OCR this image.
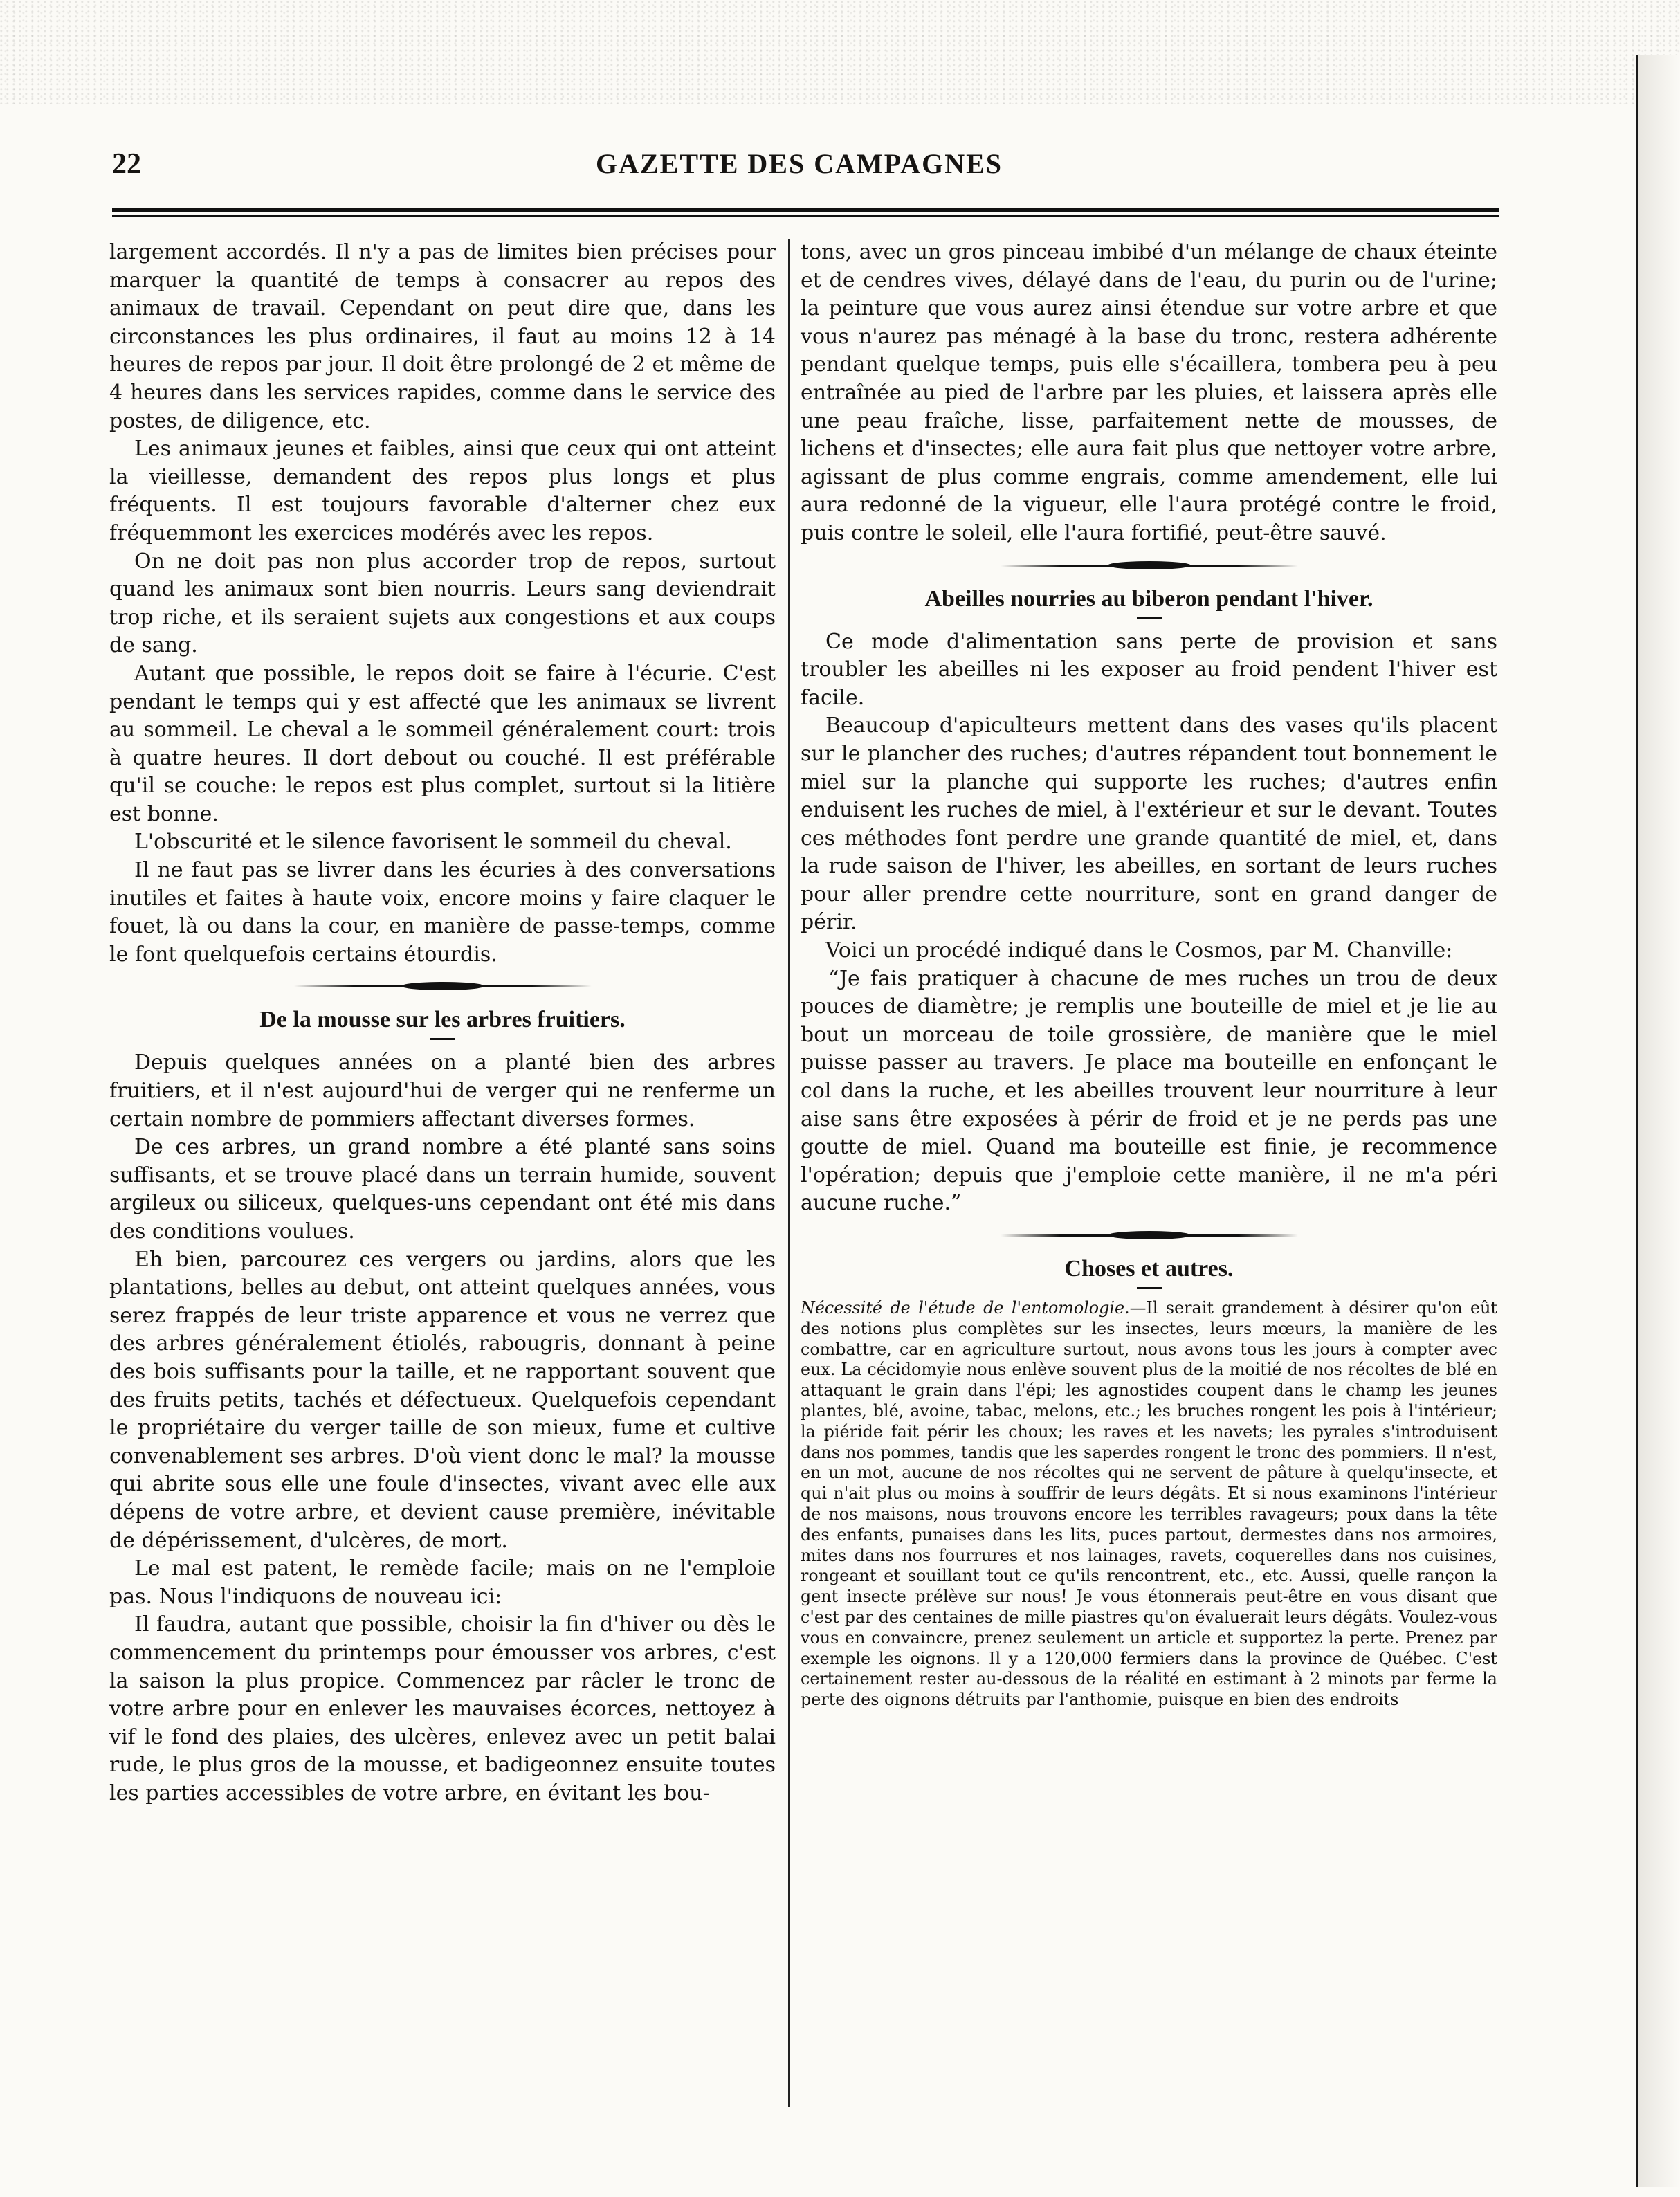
22	GAZETTE DES CAMPAGNES

largement accordés. Il n'y a pas de limites bien précises pour marquer la quantité de temps à consacrer au repos des animaux de travail. Cependant on peut dire que, dans les circonstances les plus ordinaires, il faut au moins 12 à 14 heures de repos par jour. Il doit être prolongé de 2 et même de 4 heures dans les services rapides, comme dans le service des postes, de diligence, etc.

Les animaux jeunes et faibles, ainsi que ceux qui ont atteint la vieillesse, demandent des repos plus longs et plus fréquents. Il est toujours favorable d'alterner chez eux fréquemmont les exercices modérés avec les repos.

On ne doit pas non plus accorder trop de repos, surtout quand les animaux sont bien nourris. Leurs sang deviendrait trop riche, et ils seraient sujets aux congestions et aux coups de sang.

Autant que possible, le repos doit se faire à l'écurie. C'est pendant le temps qui y est affecté que les animaux se livrent au sommeil. Le cheval a le sommeil généralement court: trois à quatre heures. Il dort debout ou couché. Il est préférable qu'il se couche: le repos est plus complet, surtout si la litière est bonne.

L'obscurité et le silence favorisent le sommeil du cheval.

Il ne faut pas se livrer dans les écuries à des conversations inutiles et faites à haute voix, encore moins y faire claquer le fouet, là ou dans la cour, en manière de passe-temps, comme le font quelquefois certains étourdis.

De la mousse sur les arbres fruitiers.

Depuis quelques années on a planté bien des arbres fruitiers, et il n'est aujourd'hui de verger qui ne renferme un certain nombre de pommiers affectant diverses formes.

De ces arbres, un grand nombre a été planté sans soins suffisants, et se trouve placé dans un terrain humide, souvent argileux ou siliceux, quelques-uns cependant ont été mis dans des conditions voulues.

Eh bien, parcourez ces vergers ou jardins, alors que les plantations, belles au debut, ont atteint quelques années, vous serez frappés de leur triste apparence et vous ne verrez que des arbres généralement étiolés, rabougris, donnant à peine des bois suffisants pour la taille, et ne rapportant souvent que des fruits petits, tachés et défectueux. Quelquefois cependant le propriétaire du verger taille de son mieux, fume et cultive convenablement ses arbres. D'où vient donc le mal? la mousse qui abrite sous elle une foule d'insectes, vivant avec elle aux dépens de votre arbre, et devient cause première, inévitable de dépérissement, d'ulcères, de mort.

Le mal est patent, le remède facile; mais on ne l'emploie pas. Nous l'indiquons de nouveau ici:

Il faudra, autant que possible, choisir la fin d'hiver ou dès le commencement du printemps pour émousser vos arbres, c'est la saison la plus propice. Commencez par râcler le tronc de votre arbre pour en enlever les mauvaises écorces, nettoyez à vif le fond des plaies, des ulcères, enlevez avec un petit balai rude, le plus gros de la mousse, et badigeonnez ensuite toutes les parties accessibles de votre arbre, en évitant les bou-

tons, avec un gros pinceau imbibé d'un mélange de chaux éteinte et de cendres vives, délayé dans de l'eau, du purin ou de l'urine; la peinture que vous aurez ainsi étendue sur votre arbre et que vous n'aurez pas ménagé à la base du tronc, restera adhérente pendant quelque temps, puis elle s'écaillera, tombera peu à peu entraînée au pied de l'arbre par les pluies, et laissera après elle une peau fraîche, lisse, parfaitement nette de mousses, de lichens et d'insectes; elle aura fait plus que nettoyer votre arbre, agissant de plus comme engrais, comme amendement, elle lui aura redonné de la vigueur, elle l'aura protégé contre le froid, puis contre le soleil, elle l'aura fortifié, peut-être sauvé.

Abeilles nourries au biberon pendant l'hiver.

Ce mode d'alimentation sans perte de provision et sans troubler les abeilles ni les exposer au froid pendent l'hiver est facile.

Beaucoup d'apiculteurs mettent dans des vases qu'ils placent sur le plancher des ruches; d'autres répandent tout bonnement le miel sur la planche qui supporte les ruches; d'autres enfin enduisent les ruches de miel, à l'extérieur et sur le devant. Toutes ces méthodes font perdre une grande quantité de miel, et, dans la rude saison de l'hiver, les abeilles, en sortant de leurs ruches pour aller prendre cette nourriture, sont en grand danger de périr.

Voici un procédé indiqué dans le Cosmos, par M. Chanville:

“Je fais pratiquer à chacune de mes ruches un trou de deux pouces de diamètre; je remplis une bouteille de miel et je lie au bout un morceau de toile grossière, de manière que le miel puisse passer au travers. Je place ma bouteille en enfonçant le col dans la ruche, et les abeilles trouvent leur nourriture à leur aise sans être exposées à périr de froid et je ne perds pas une goutte de miel. Quand ma bouteille est finie, je recommence l'opération; depuis que j'emploie cette manière, il ne m'a péri aucune ruche.”

Choses et autres.

Nécessité de l'étude de l'entomologie.—Il serait grandement à désirer qu'on eût des notions plus complètes sur les insectes, leurs mœurs, la manière de les combattre, car en agriculture surtout, nous avons tous les jours à compter avec eux. La cécidomyie nous enlève souvent plus de la moitié de nos récoltes de blé en attaquant le grain dans l'épi; les agnostides coupent dans le champ les jeunes plantes, blé, avoine, tabac, melons, etc.; les bruches rongent les pois à l'intérieur; la piéride fait périr les choux; les raves et les navets; les pyrales s'introduisent dans nos pommes, tandis que les saperdes rongent le tronc des pommiers. Il n'est, en un mot, aucune de nos récoltes qui ne servent de pâture à quelqu'insecte, et qui n'ait plus ou moins à souffrir de leurs dégâts. Et si nous examinons l'intérieur de nos maisons, nous trouvons encore les terribles ravageurs; poux dans la tête des enfants, punaises dans les lits, puces partout, dermestes dans nos armoires, mites dans nos fourrures et nos lainages, ravets, coquerelles dans nos cuisines, rongeant et souillant tout ce qu'ils rencontrent, etc., etc. Aussi, quelle rançon la gent insecte prélève sur nous! Je vous étonnerais peut-être en vous disant que c'est par des centaines de mille piastres qu'on évaluerait leurs dégâts. Voulez-vous vous en convaincre, prenez seulement un article et supportez la perte. Prenez par exemple les oignons. Il y a 120,000 fermiers dans la province de Québec. C'est certainement rester au-dessous de la réalité en estimant à 2 minots par ferme la perte des oignons détruits par l'anthomie, puisque en bien des endroits
